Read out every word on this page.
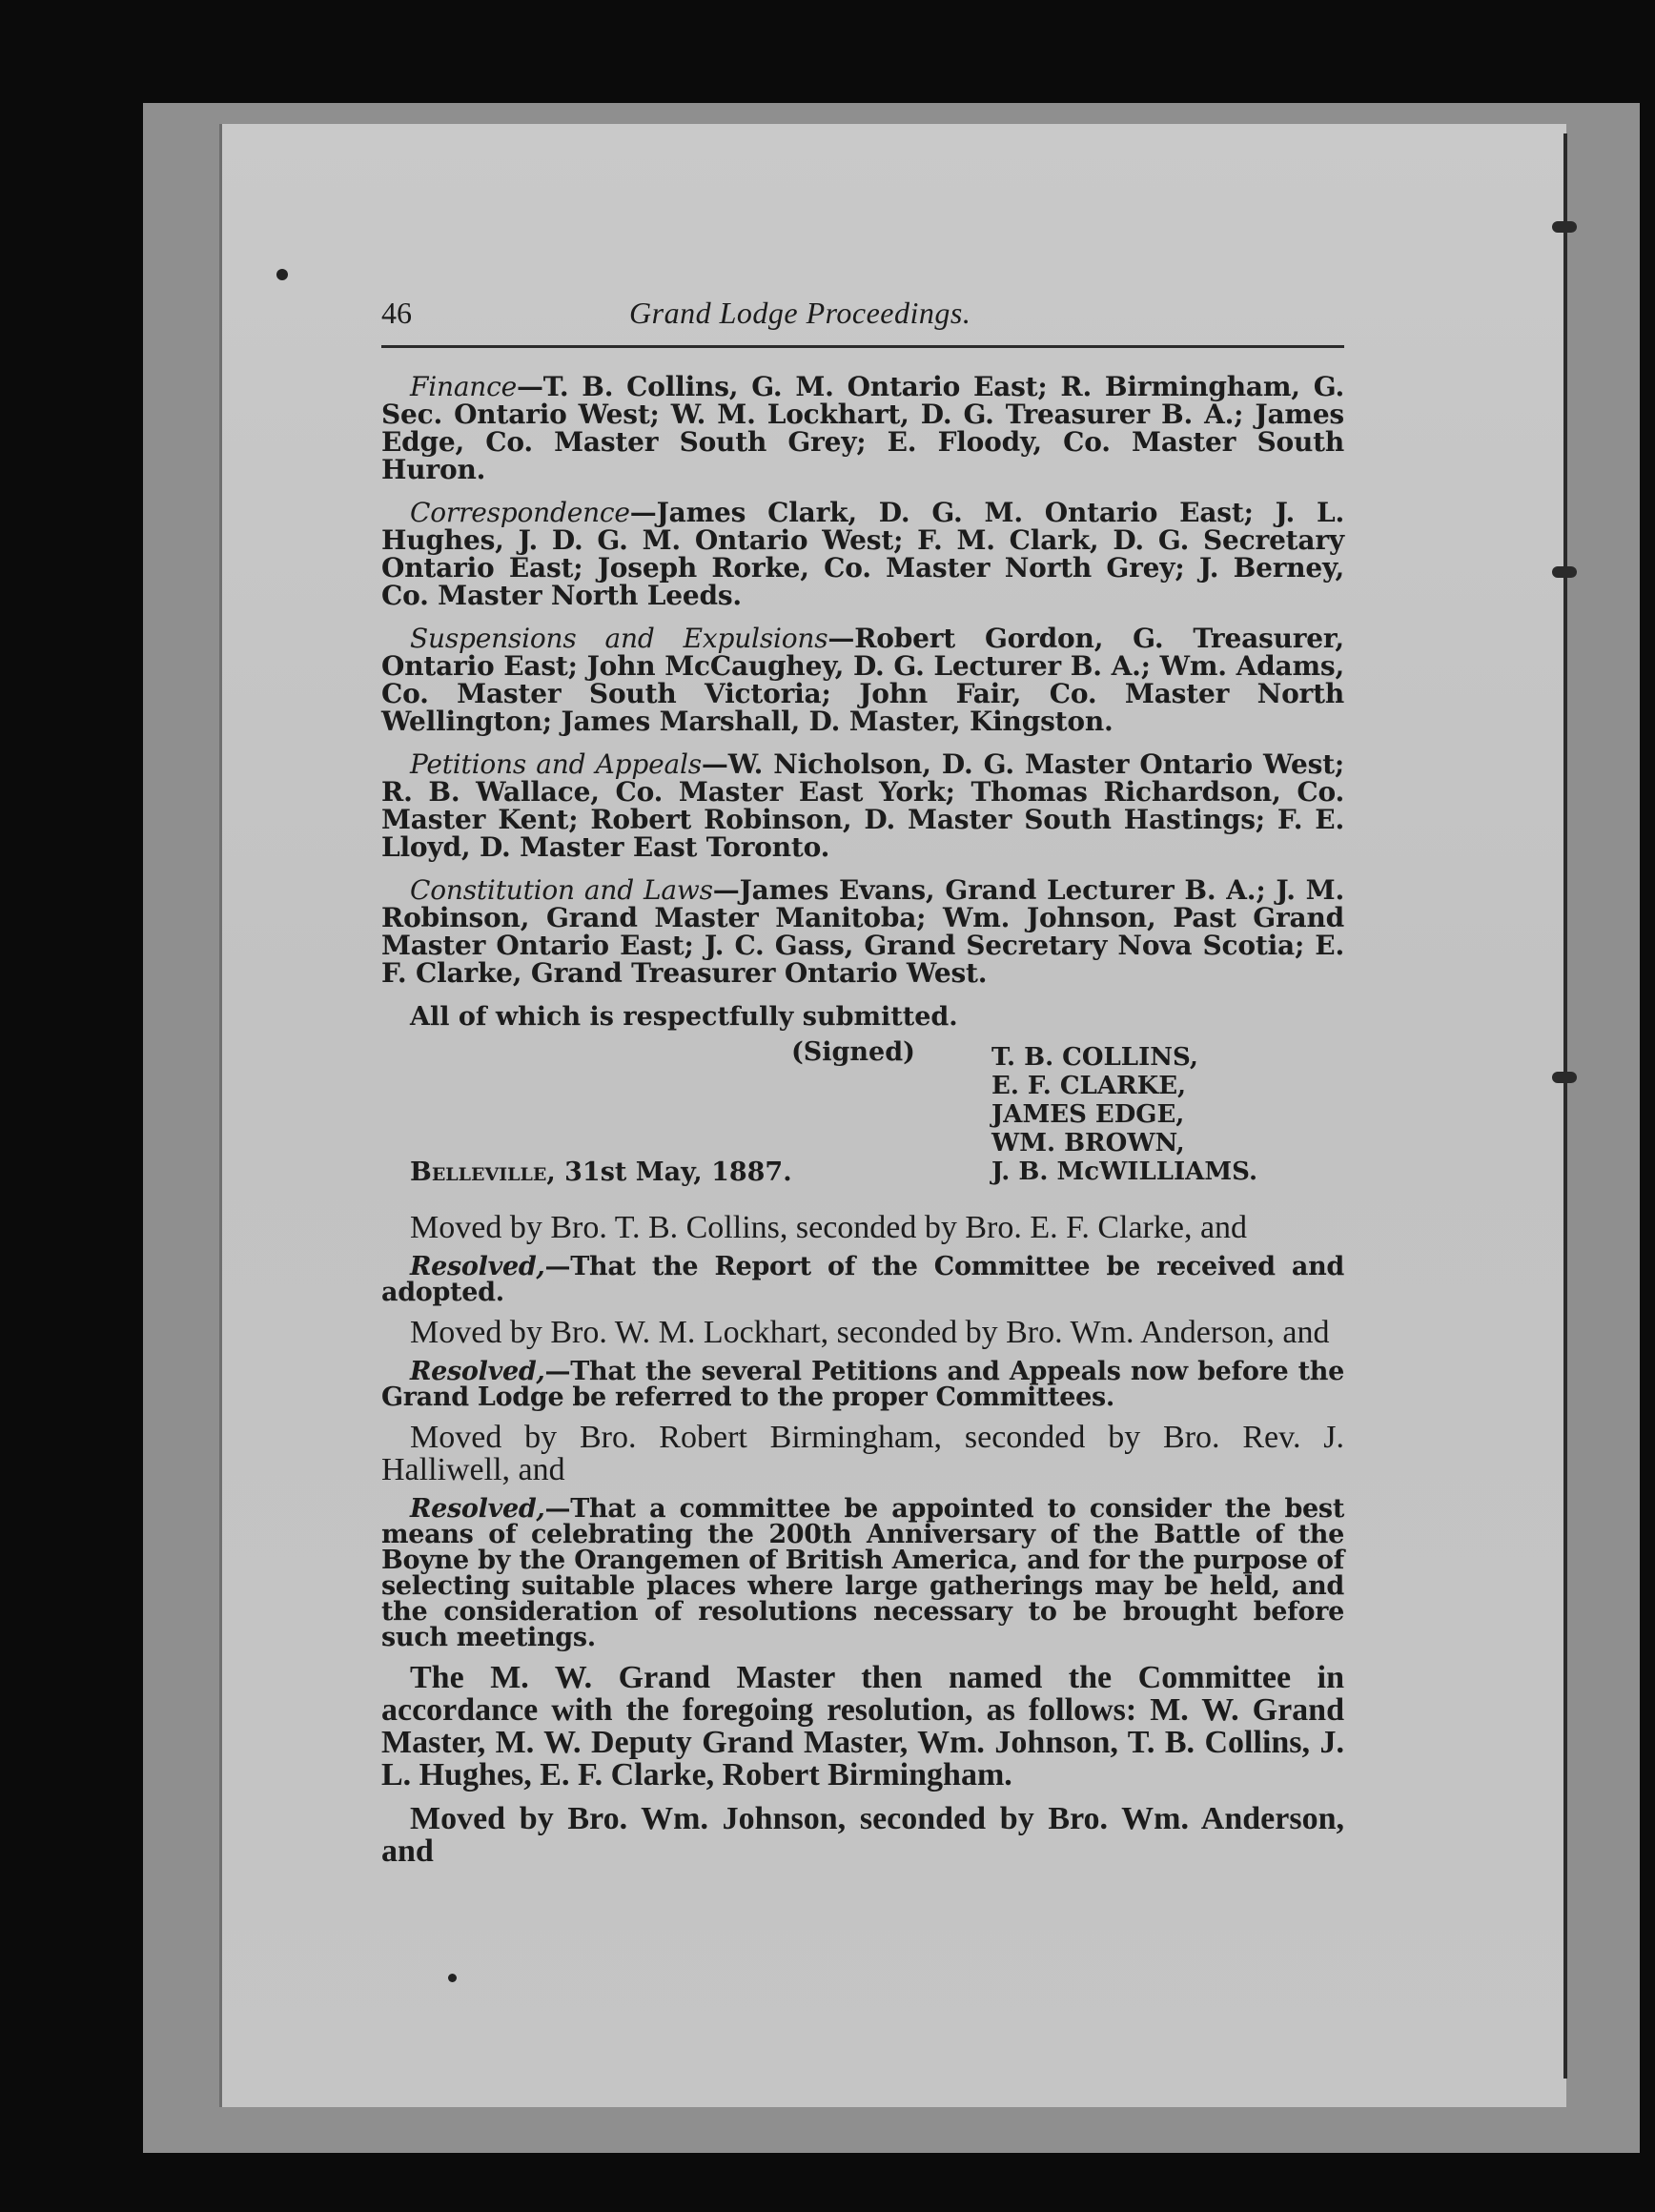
46	Grand Lodge Proceedings.

Finance—T. B. Collins, G. M. Ontario East; R. Birmingham, G. Sec. Ontario West; W. M. Lockhart, D. G. Treasurer B. A.; James Edge, Co. Master South Grey; E. Floody, Co. Master South Huron.

Correspondence—James Clark, D. G. M. Ontario East; J. L. Hughes, J. D. G. M. Ontario West; F. M. Clark, D. G. Secretary Ontario East; Joseph Rorke, Co. Master North Grey; J. Berney, Co. Master North Leeds.

Suspensions and Expulsions—Robert Gordon, G. Treasurer, Ontario East; John McCaughey, D. G. Lecturer B. A.; Wm. Adams, Co. Master South Victoria; John Fair, Co. Master North Wellington; James Marshall, D. Master, Kingston.

Petitions and Appeals—W. Nicholson, D. G. Master Ontario West; R. B. Wallace, Co. Master East York; Thomas Richardson, Co. Master Kent; Robert Robinson, D. Master South Hastings; F. E. Lloyd, D. Master East Toronto.

Constitution and Laws—James Evans, Grand Lecturer B. A.; J. M. Robinson, Grand Master Manitoba; Wm. Johnson, Past Grand Master Ontario East; J. C. Gass, Grand Secretary Nova Scotia; E. F. Clarke, Grand Treasurer Ontario West.

All of which is respectfully submitted.

(Signed)	T. B. COLLINS,
E. F. CLARKE,
JAMES EDGE,
WM. BROWN,
J. B. McWILLIAMS.

Belleville, 31st May, 1887.

Moved by Bro. T. B. Collins, seconded by Bro. E. F. Clarke, and

Resolved,—That the Report of the Committee be received and adopted.

Moved by Bro. W. M. Lockhart, seconded by Bro. Wm. Anderson, and

Resolved,—That the several Petitions and Appeals now before the Grand Lodge be referred to the proper Committees.

Moved by Bro. Robert Birmingham, seconded by Bro. Rev. J. Halliwell, and

Resolved,—That a committee be appointed to consider the best means of celebrating the 200th Anniversary of the Battle of the Boyne by the Orangemen of British America, and for the purpose of selecting suitable places where large gatherings may be held, and the consideration of resolutions necessary to be brought before such meetings.

The M. W. Grand Master then named the Committee in accordance with the foregoing resolution, as follows: M. W. Grand Master, M. W. Deputy Grand Master, Wm. Johnson, T. B. Collins, J. L. Hughes, E. F. Clarke, Robert Birmingham.

Moved by Bro. Wm. Johnson, seconded by Bro. Wm. Anderson, and
